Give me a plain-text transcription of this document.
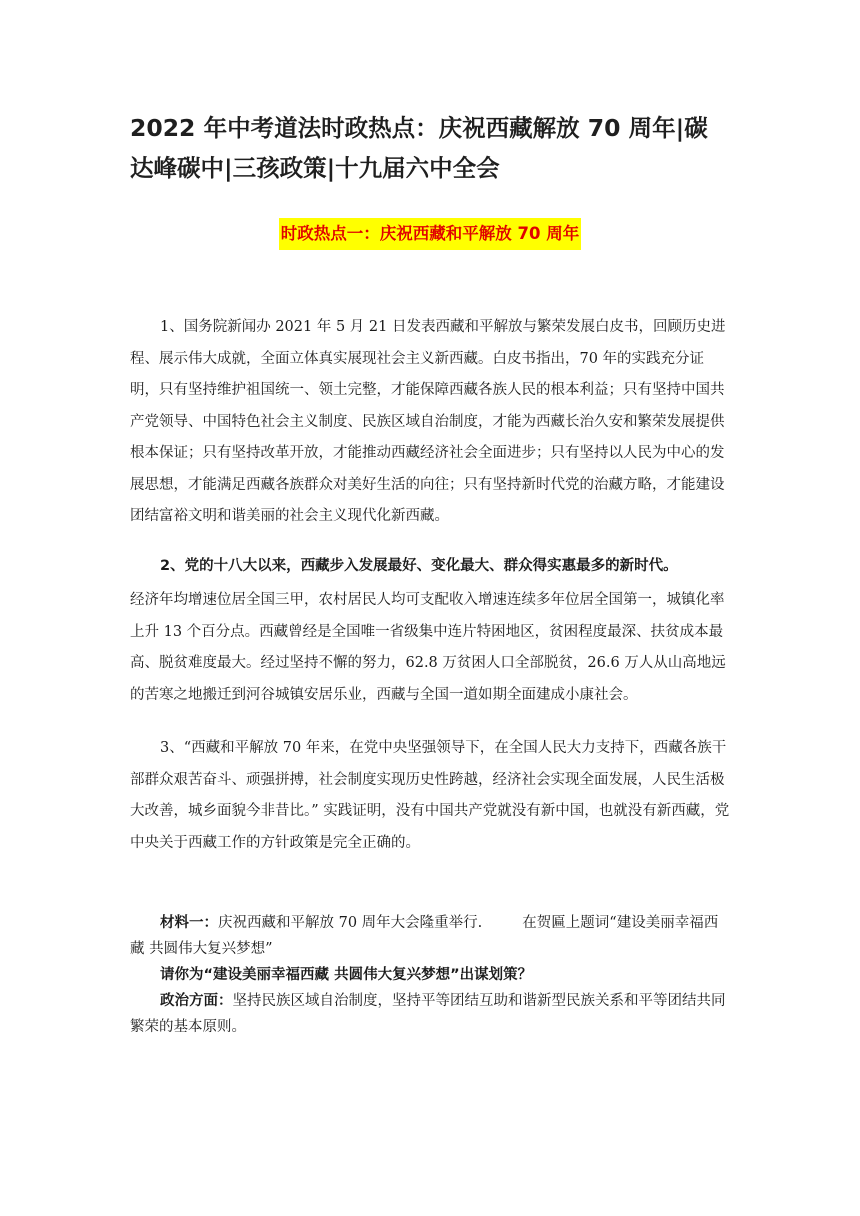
2022 年中考道法时政热点：庆祝西藏解放 70 周年|碳达峰碳中|三孩政策|十九届六中全会
时政热点一：庆祝西藏和平解放 70 周年

1、国务院新闻办 2021 年 5 月 21 日发表西藏和平解放与繁荣发展白皮书，回顾历史进程、展示伟大成就，全面立体真实展现社会主义新西藏。白皮书指出，70 年的实践充分证明，只有坚持维护祖国统一、领土完整，才能保障西藏各族人民的根本利益；只有坚持中国共产党领导、中国特色社会主义制度、民族区域自治制度，才能为西藏长治久安和繁荣发展提供根本保证；只有坚持改革开放，才能推动西藏经济社会全面进步；只有坚持以人民为中心的发展思想，才能满足西藏各族群众对美好生活的向往；只有坚持新时代党的治藏方略，才能建设团结富裕文明和谐美丽的社会主义现代化新西藏。

2、党的十八大以来，西藏步入发展最好、变化最大、群众得实惠最多的新时代。

经济年均增速位居全国三甲，农村居民人均可支配收入增速连续多年位居全国第一，城镇化率上升 13 个百分点。西藏曾经是全国唯一省级集中连片特困地区，贫困程度最深、扶贫成本最高、脱贫难度最大。经过坚持不懈的努力，62.8 万贫困人口全部脱贫，26.6 万人从山高地远的苦寒之地搬迁到河谷城镇安居乐业，西藏与全国一道如期全面建成小康社会。

3、“西藏和平解放 70 年来，在党中央坚强领导下，在全国人民大力支持下，西藏各族干部群众艰苦奋斗、顽强拼搏，社会制度实现历史性跨越，经济社会实现全面发展，人民生活极大改善，城乡面貌今非昔比。” 实践证明，没有中国共产党就没有新中国，也就没有新西藏，党中央关于西藏工作的方针政策是完全正确的。

材料一：庆祝西藏和平解放 70 周年大会隆重举行.	在贺匾上题词“建设美丽幸福西藏 共圆伟大复兴梦想”

请你为“建设美丽幸福西藏 共圆伟大复兴梦想”出谋划策？

政治方面：坚持民族区域自治制度，坚持平等团结互助和谐新型民族关系和平等团结共同繁荣的基本原则。
